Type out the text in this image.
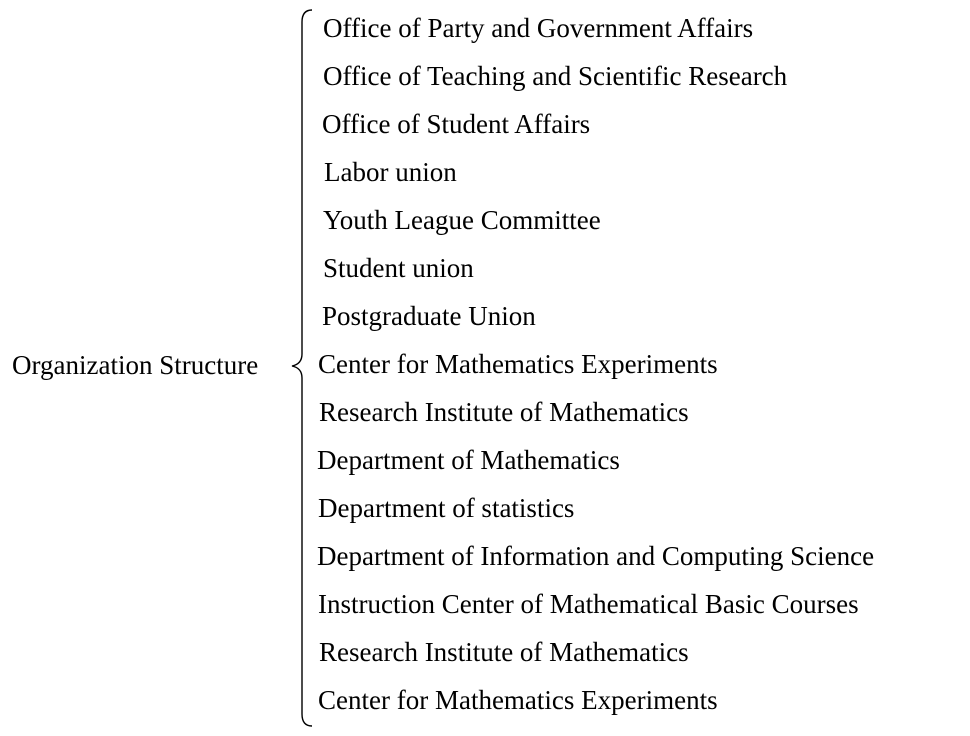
Organization Structure
Office of Party and Government Affairs
Office of Teaching and Scientific Research
Office of Student Affairs
Labor union
Youth League Committee
Student union
Postgraduate Union
Center for Mathematics Experiments
Research Institute of Mathematics
Department of Mathematics
Department of statistics
Department of Information and Computing Science
Instruction Center of Mathematical Basic Courses
Research Institute of Mathematics
Center for Mathematics Experiments
